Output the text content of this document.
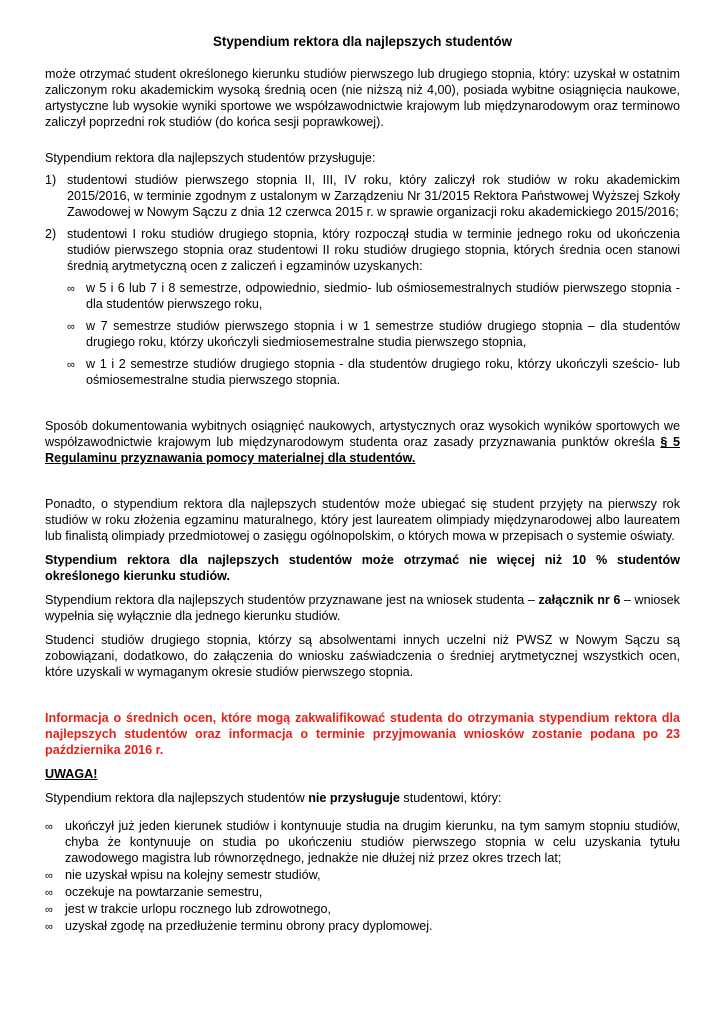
Stypendium rektora dla najlepszych studentów

może otrzymać student określonego kierunku studiów pierwszego lub drugiego stopnia, który: uzyskał w ostatnim zaliczonym roku akademickim wysoką średnią ocen (nie niższą niż 4,00), posiada wybitne osiągnięcia naukowe, artystyczne lub wysokie wyniki sportowe we współzawodnictwie krajowym lub międzynarodowym oraz terminowo zaliczył poprzedni rok studiów (do końca sesji poprawkowej).

Stypendium rektora dla najlepszych studentów przysługuje:

1) studentowi studiów pierwszego stopnia II, III, IV roku, który zaliczył rok studiów w roku akademickim 2015/2016, w terminie zgodnym z ustalonym w Zarządzeniu Nr 31/2015 Rektora Państwowej Wyższej Szkoły Zawodowej w Nowym Sączu z dnia 12 czerwca 2015 r. w sprawie organizacji roku akademickiego 2015/2016;
2) studentowi I roku studiów drugiego stopnia, który rozpoczął studia w terminie jednego roku od ukończenia studiów pierwszego stopnia oraz studentowi II roku studiów drugiego stopnia, których średnia ocen stanowi średnią arytmetyczną ocen z zaliczeń i egzaminów uzyskanych:
∞ w 5 i 6 lub 7 i 8 semestrze, odpowiednio, siedmio- lub ośmiosemestralnych studiów pierwszego stopnia - dla studentów pierwszego roku,
∞ w 7 semestrze studiów pierwszego stopnia i w 1 semestrze studiów drugiego stopnia – dla studentów drugiego roku, którzy ukończyli siedmiosemestralne studia pierwszego stopnia,
∞ w 1 i 2 semestrze studiów drugiego stopnia - dla studentów drugiego roku, którzy ukończyli sześcio- lub ośmiosemestralne studia pierwszego stopnia.

Sposób dokumentowania wybitnych osiągnięć naukowych, artystycznych oraz wysokich wyników sportowych we współzawodnictwie krajowym lub międzynarodowym studenta oraz zasady przyznawania punktów określa § 5 Regulaminu przyznawania pomocy materialnej dla studentów.

Ponadto, o stypendium rektora dla najlepszych studentów może ubiegać się student przyjęty na pierwszy rok studiów w roku złożenia egzaminu maturalnego, który jest laureatem olimpiady międzynarodowej albo laureatem lub finalistą olimpiady przedmiotowej o zasięgu ogólnopolskim, o których mowa w przepisach o systemie oświaty.

Stypendium rektora dla najlepszych studentów może otrzymać nie więcej niż 10 % studentów określonego kierunku studiów.

Stypendium rektora dla najlepszych studentów przyznawane jest na wniosek studenta – załącznik nr 6 – wniosek wypełnia się wyłącznie dla jednego kierunku studiów.

Studenci studiów drugiego stopnia, którzy są absolwentami innych uczelni niż PWSZ w Nowym Sączu są zobowiązani, dodatkowo, do załączenia do wniosku zaświadczenia o średniej arytmetycznej wszystkich ocen, które uzyskali w wymaganym okresie studiów pierwszego stopnia.

Informacja o średnich ocen, które mogą zakwalifikować studenta do otrzymania stypendium rektora dla najlepszych studentów oraz informacja o terminie przyjmowania wniosków zostanie podana po 23 października 2016 r.

UWAGA!

Stypendium rektora dla najlepszych studentów nie przysługuje studentowi, który:

∞ ukończył już jeden kierunek studiów i kontynuuje studia na drugim kierunku, na tym samym stopniu studiów, chyba że kontynuuje on studia po ukończeniu studiów pierwszego stopnia w celu uzyskania tytułu zawodowego magistra lub równorzędnego, jednakże nie dłużej niż przez okres trzech lat;
∞ nie uzyskał wpisu na kolejny semestr studiów,
∞ oczekuje na powtarzanie semestru,
∞ jest w trakcie urlopu rocznego lub zdrowotnego,
∞ uzyskał zgodę na przedłużenie terminu obrony pracy dyplomowej.
